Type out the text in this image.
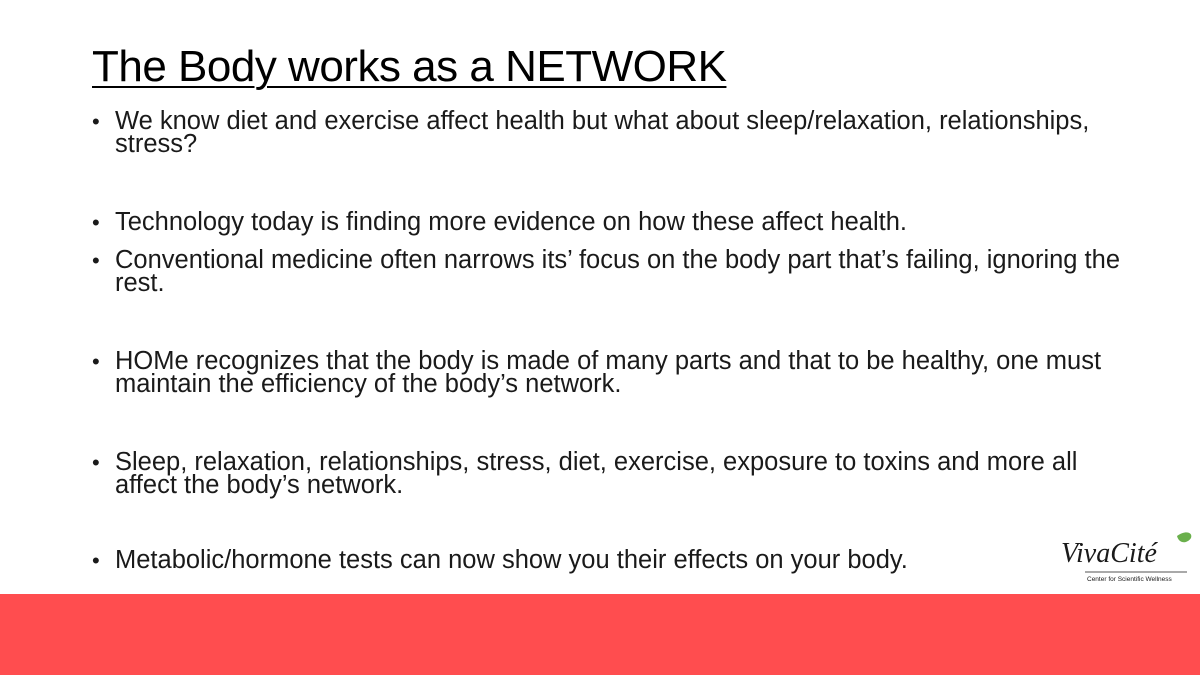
The Body works as a NETWORK
• We know diet and exercise affect health but what about sleep/relaxation, relationships, stress?
• Technology today is finding more evidence on how these affect health.
• Conventional medicine often narrows its’ focus on the body part that’s failing, ignoring the rest.
• HOMe recognizes that the body is made of many parts and that to be healthy, one must maintain the efficiency of the body’s network.
• Sleep, relaxation, relationships, stress, diet, exercise, exposure to toxins and more all affect the body’s network.
• Metabolic/hormone tests can now show you their effects on your body.	VivaCité
Center for Scientific Wellness
